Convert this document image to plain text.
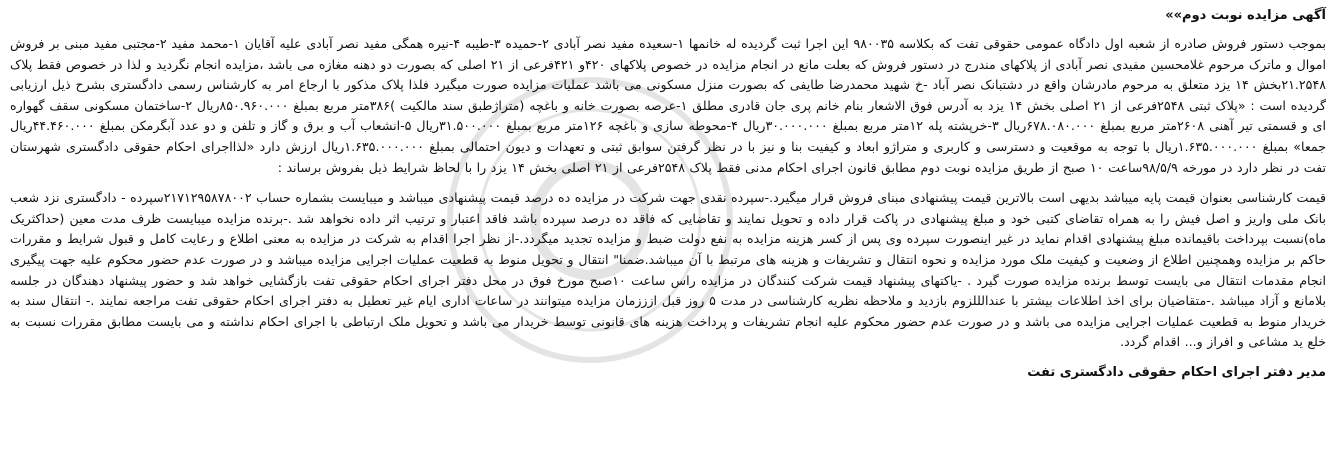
آگهی مزایده نوبت دوم»»

بموجب دستور فروش صادره از شعبه اول دادگاه عمومی حقوقی تفت که بکلاسه ۹۸۰۰۳۵ این اجرا ثبت گردیده له خانمها ۱-سعیده مفید نصر آبادی ۲-حمیده ۳-طیبه ۴-نیره همگی مفید نصر آبادی علیه آقایان ۱-محمد مفید ۲-مجتبی مفید مبنی بر فروش اموال و ماترک مرحوم غلامحسین مفیدی نصر آبادی از پلاکهای مندرج در دستور فروش که بعلت مانع در انجام مزایده در خصوص پلاکهای ۴۲۰و ۴۲۱فرعی از ۲۱ اصلی که بصورت دو دهنه مغازه می باشد ،مزایده انجام نگردید و لذا در خصوص فقط پلاک ۲۱.۲۵۴۸بخش ۱۴ یزد متعلق به مرحوم مادرشان واقع در دشتبانک نصر آباد -خ شهید محمدرضا طایفی که بصورت منزل مسکونی می باشد عملیات مزایده صورت میگیرد فلذا پلاک مذکور با ارجاع امر به کارشناس رسمی دادگستری بشرح ذیل ارزیابی گردیده است : «پلاک ثبتی ۲۵۴۸فرعی از ۲۱ اصلی بخش ۱۴ یزد به آدرس فوق الاشعار بنام خانم پری جان قادری مطلق ۱-عرصه بصورت خانه و باغچه (متراژطبق سند مالکیت )۳۸۶متر مربع بمبلغ ۸۵۰.۹۶۰.۰۰۰ریال ۲-ساختمان مسکونی سقف گهواره ای و قسمتی تیر آهنی ۲۶۰۸متر مربع بمبلغ ۶۷۸.۰۸۰.۰۰۰ریال ۳-خرپشته پله ۱۲متر مربع بمبلغ ۳۰.۰۰۰.۰۰۰ریال ۴-محوطه سازی و باغچه ۱۲۶متر مربع بمبلغ ۳۱.۵۰۰.۰۰۰ریال ۵-انشعاب آب و برق و گاز و تلفن و دو عدد آبگرمکن بمبلغ ۴۴.۴۶۰.۰۰۰ریال جمعا» بمبلغ ۱.۶۳۵.۰۰۰.۰۰۰ریال با توجه به موقعیت و دسترسی و کاربری و متراژو ابعاد و کیفیت بنا و نیز با در نظر گرفتن سوابق ثبتی و تعهدات و دیون احتمالی بمبلغ ۱.۶۳۵.۰۰۰.۰۰۰ریال ارزش دارد «لذااجرای احکام حقوقی دادگستری شهرستان تفت در نظر دارد در مورخه ۹۸/۵/۹ساعت ۱۰ صبح از طریق مزایده نوبت دوم مطابق قانون اجرای احکام مدنی فقط پلاک ۲۵۴۸فرعی از ۲۱ اصلی بخش ۱۴ یزد را با لحاظ شرایط ذیل بفروش برساند :

قیمت کارشناسی بعنوان قیمت پایه میباشد بدیهی است بالاترین قیمت پیشنهادی مبنای فروش قرار میگیرد.-سپرده نقدی جهت شرکت در مزایده ده درصد قیمت پیشنهادی میباشد و میبایست بشماره حساب ۲۱۷۱۲۹۵۸۷۸۰۰۲سپرده - دادگستری نزد شعب بانک ملی واریز و اصل فیش را به همراه تقاضای کتبی خود و مبلغ پیشنهادی در پاکت قرار داده و تحویل نمایند و تقاضایی که فاقد ده درصد سپرده باشد فاقد اعتبار و ترتیب اثر داده نخواهد شد .-برنده مزایده میبایست ظرف مدت معین (حداکثریک ماه)نسبت بپرداخت باقیمانده مبلغ پیشنهادی اقدام نماید در غیر اینصورت سپرده وی پس از کسر هزینه مزایده به نفع دولت ضبط و مزایده تجدید میگردد.-از نظر اجرا اقدام به شرکت در مزایده به معنی اطلاع و رعایت کامل و قبول شرایط و مقررات حاکم بر مزایده وهمچنین اطلاع از وضعیت و کیفیت ملک مورد مزایده و نحوه انتقال و تشریفات و هزینه های مرتبط با آن میباشد.ضمنا" انتقال و تحویل منوط به قطعیت عملیات اجرایی مزایده میباشد و در صورت عدم حضور محکوم علیه جهت پیگیری انجام مقدمات انتقال می بایست توسط برنده مزایده صورت گیرد . -یاکتهای پیشنهاد قیمت شرکت کنندگان در مزایده راس ساعت ۱۰صبح مورخ فوق در محل دفتر اجرای احکام حقوقی تفت بازگشایی خواهد شد و حضور پیشنهاد دهندگان در جلسه بلامانع و آزاد میباشد .-متقاضیان برای اخذ اطلاعات بیشتر با عندالللزوم بازدید و ملاحظه نظریه کارشناسی در مدت ۵ روز قبل ازززمان مزایده میتوانند در ساعات اداری ایام غیر تعطیل به دفتر اجرای احکام حقوقی تفت مراجعه نمایند .- انتقال سند به خریدار منوط به قطعیت عملیات اجرایی مزایده می باشد و در صورت عدم حضور محکوم علیه انجام تشریفات و پرداخت هزینه های قانونی توسط خریدار می باشد و تحویل ملک ارتباطی با اجرای احکام نداشته و می بایست مطابق مقررات نسبت به خلع ید مشاعی و افراز و... اقدام گردد.

مدیر دفتر اجرای احکام حقوقی دادگستری تفت
